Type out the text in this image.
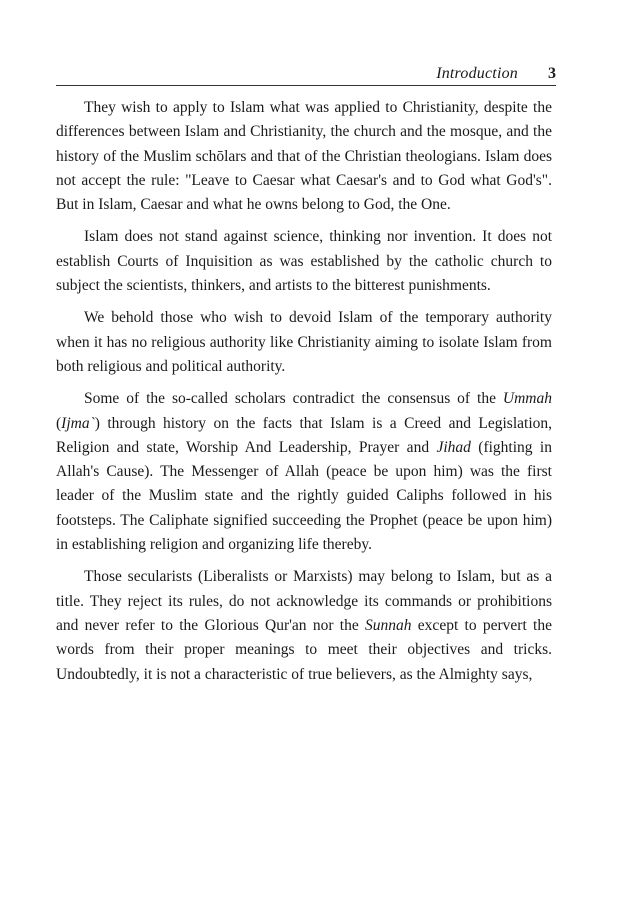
Introduction 3

They wish to apply to Islam what was applied to Christianity, despite the differences between Islam and Christianity, the church and the mosque, and the history of the Muslim schōlars and that of the Christian theologians. Islam does not accept the rule: "Leave to Caesar what Caesar's and to God what God's". But in Islam, Caesar and what he owns belong to God, the One.

Islam does not stand against science, thinking nor invention. It does not establish Courts of Inquisition as was established by the catholic church to subject the scientists, thinkers, and artists to the bitterest punishments.

We behold those who wish to devoid Islam of the temporary authority when it has no religious authority like Christianity aiming to isolate Islam from both religious and political authority.

Some of the so-called scholars contradict the consensus of the Ummah (Ijma`) through history on the facts that Islam is a Creed and Legislation, Religion and state, Worship And Leadership, Prayer and Jihad (fighting in Allah's Cause). The Messenger of Allah (peace be upon him) was the first leader of the Muslim state and the rightly guided Caliphs followed in his footsteps. The Caliphate signified succeeding the Prophet (peace be upon him) in establishing religion and organizing life thereby.

Those secularists (Liberalists or Marxists) may belong to Islam, but as a title. They reject its rules, do not acknowledge its commands or prohibitions and never refer to the Glorious Qur'an nor the Sunnah except to pervert the words from their proper meanings to meet their objectives and tricks. Undoubtedly, it is not a characteristic of true believers, as the Almighty says,
